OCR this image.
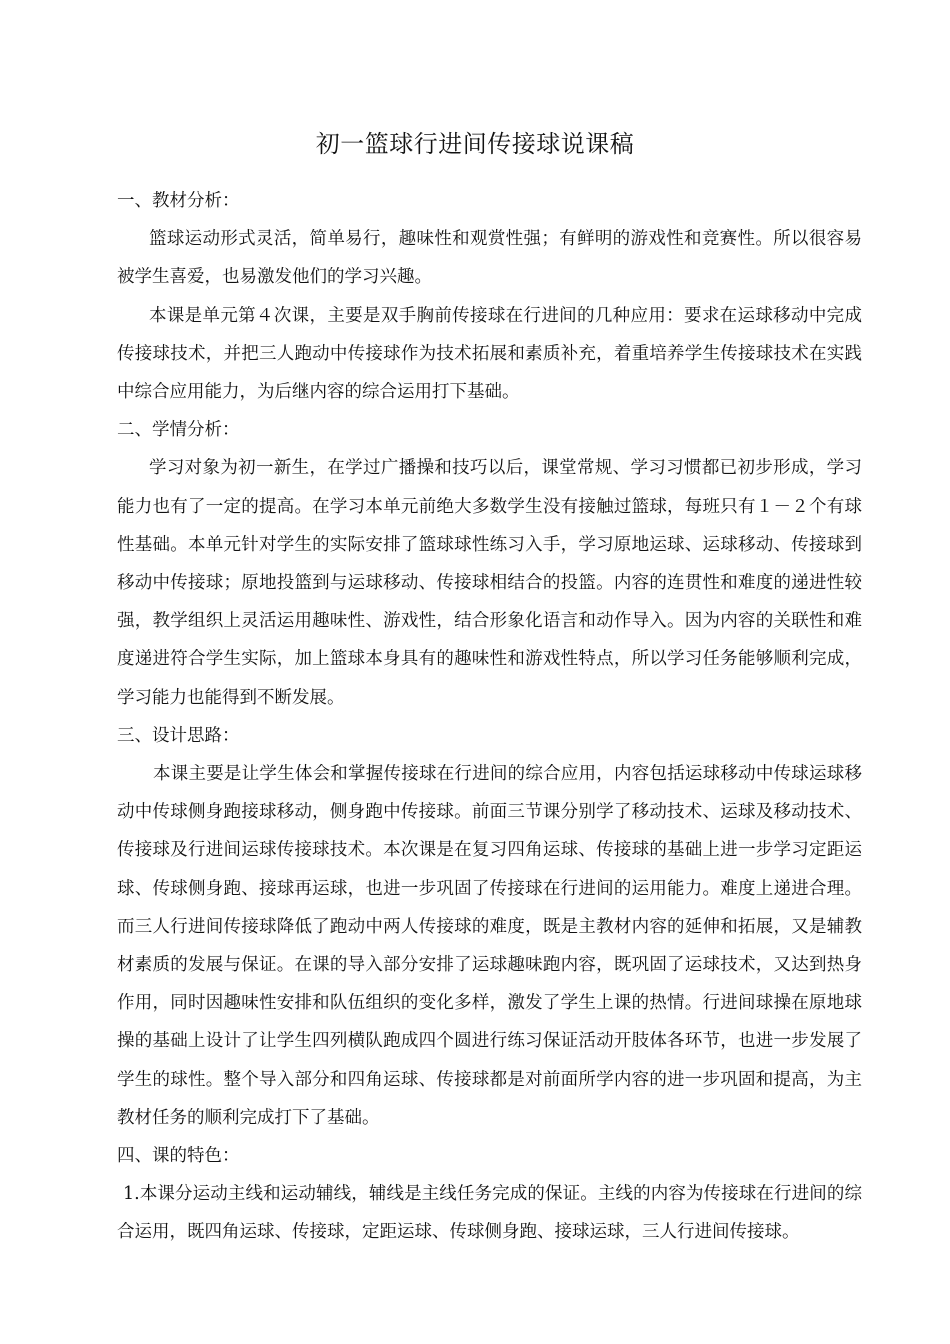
初一篮球行进间传接球说课稿

一、教材分析：

篮球运动形式灵活，简单易行，趣味性和观赏性强；有鲜明的游戏性和竞赛性。所以很容易被学生喜爱，也易激发他们的学习兴趣。

本课是单元第４次课，主要是双手胸前传接球在行进间的几种应用：要求在运球移动中完成传接球技术，并把三人跑动中传接球作为技术拓展和素质补充，着重培养学生传接球技术在实践中综合应用能力，为后继内容的综合运用打下基础。

二、学情分析：

学习对象为初一新生，在学过广播操和技巧以后，课堂常规、学习习惯都已初步形成，学习能力也有了一定的提高。在学习本单元前绝大多数学生没有接触过篮球，每班只有１－２个有球性基础。本单元针对学生的实际安排了篮球球性练习入手，学习原地运球、运球移动、传接球到移动中传接球；原地投篮到与运球移动、传接球相结合的投篮。内容的连贯性和难度的递进性较强，教学组织上灵活运用趣味性、游戏性，结合形象化语言和动作导入。因为内容的关联性和难度递进符合学生实际，加上篮球本身具有的趣味性和游戏性特点，所以学习任务能够顺利完成，学习能力也能得到不断发展。

三、设计思路：

本课主要是让学生体会和掌握传接球在行进间的综合应用，内容包括运球移动中传球运球移动中传球侧身跑接球移动，侧身跑中传接球。前面三节课分别学了移动技术、运球及移动技术、传接球及行进间运球传接球技术。本次课是在复习四角运球、传接球的基础上进一步学习定距运球、传球侧身跑、接球再运球，也进一步巩固了传接球在行进间的运用能力。难度上递进合理。而三人行进间传接球降低了跑动中两人传接球的难度，既是主教材内容的延伸和拓展，又是辅教材素质的发展与保证。在课的导入部分安排了运球趣味跑内容，既巩固了运球技术，又达到热身作用，同时因趣味性安排和队伍组织的变化多样，激发了学生上课的热情。行进间球操在原地球操的基础上设计了让学生四列横队跑成四个圆进行练习保证活动开肢体各环节，也进一步发展了学生的球性。整个导入部分和四角运球、传接球都是对前面所学内容的进一步巩固和提高，为主教材任务的顺利完成打下了基础。

四、课的特色：

1.本课分运动主线和运动辅线，辅线是主线任务完成的保证。主线的内容为传接球在行进间的综合运用，既四角运球、传接球，定距运球、传球侧身跑、接球运球，三人行进间传接球。
